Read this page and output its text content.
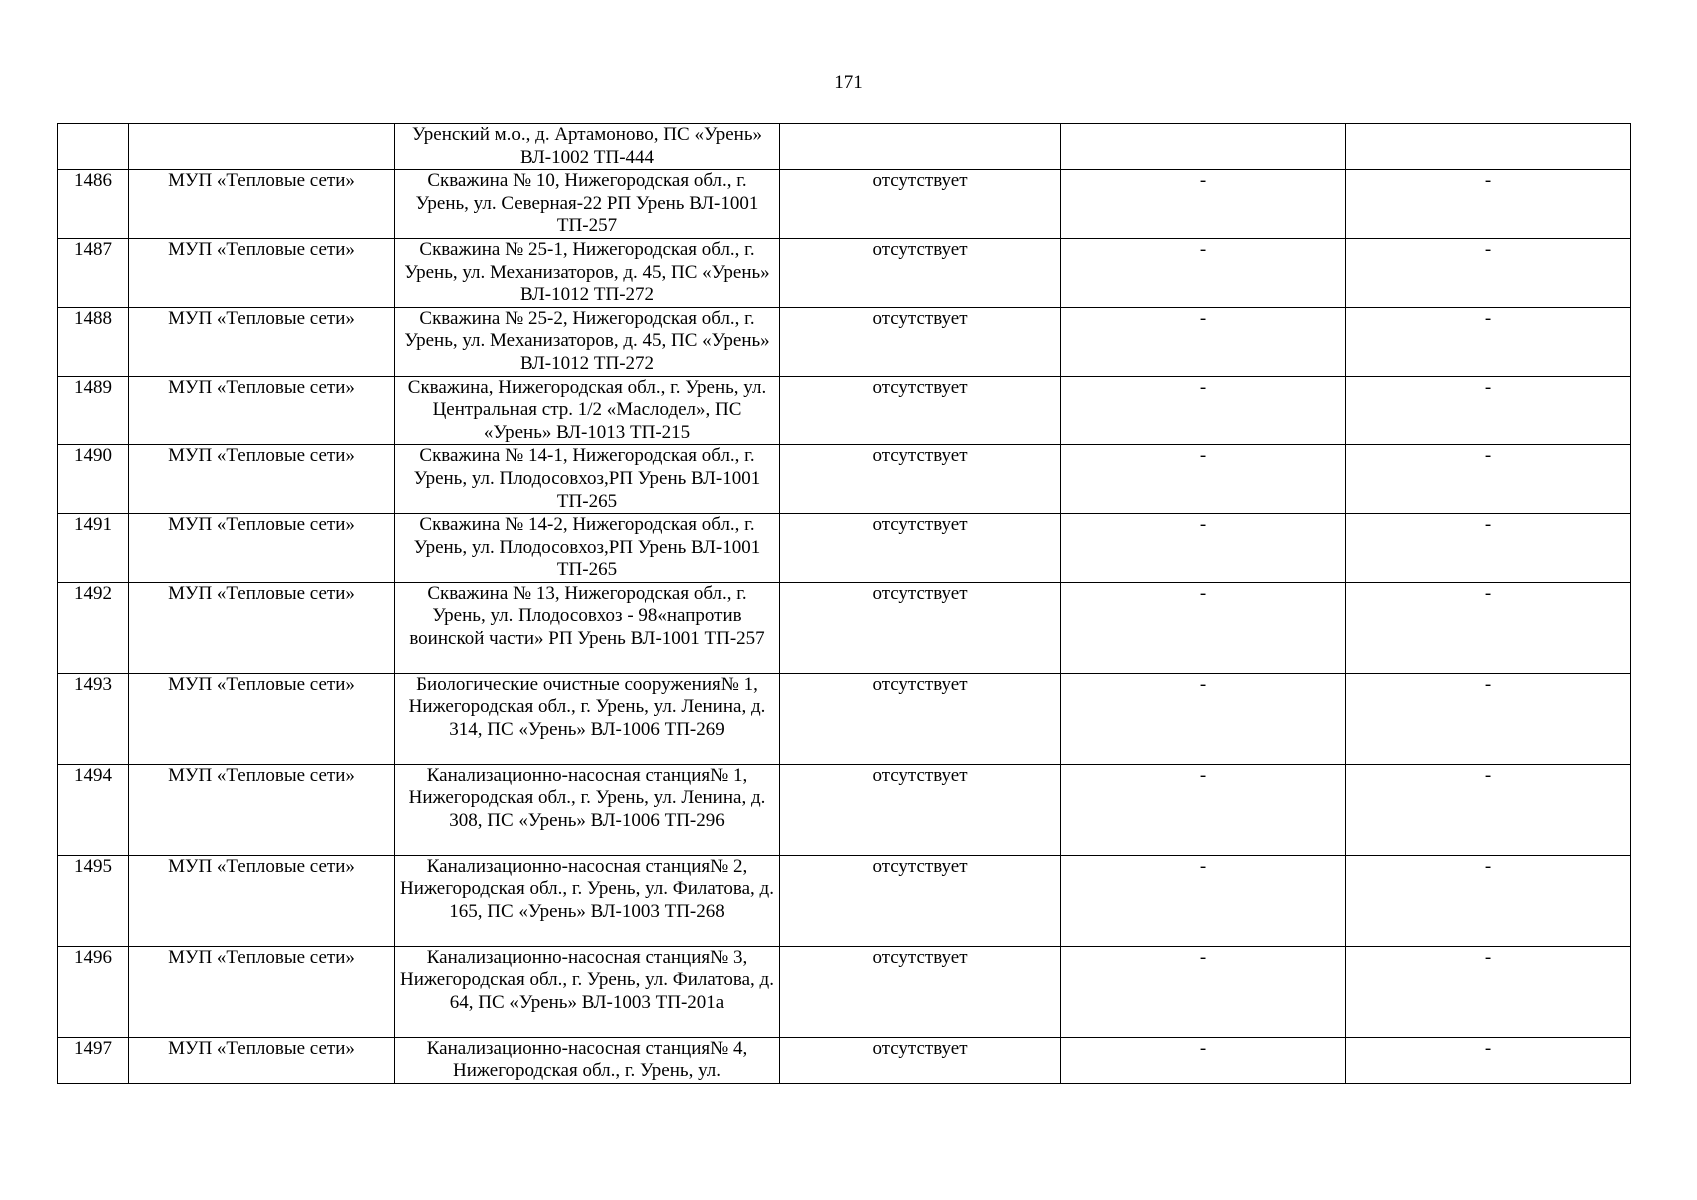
171
		Уренский м.о., д. Артамоново, ПС «Урень» ВЛ-1002 ТП-444			
1486	МУП «Тепловые сети»	Скважина № 10, Нижегородская обл., г. Урень, ул. Северная-22 РП Урень ВЛ-1001 ТП-257	отсутствует	-	-
1487	МУП «Тепловые сети»	Скважина № 25-1, Нижегородская обл., г. Урень, ул. Механизаторов, д. 45, ПС «Урень» ВЛ-1012 ТП-272	отсутствует	-	-
1488	МУП «Тепловые сети»	Скважина № 25-2, Нижегородская обл., г. Урень, ул. Механизаторов, д. 45, ПС «Урень» ВЛ-1012 ТП-272	отсутствует	-	-
1489	МУП «Тепловые сети»	Скважина, Нижегородская обл., г. Урень, ул. Центральная стр. 1/2 «Маслодел», ПС «Урень» ВЛ-1013 ТП-215	отсутствует	-	-
1490	МУП «Тепловые сети»	Скважина № 14-1, Нижегородская обл., г. Урень, ул. Плодосовхоз,РП Урень ВЛ-1001 ТП-265	отсутствует	-	-
1491	МУП «Тепловые сети»	Скважина № 14-2, Нижегородская обл., г. Урень, ул. Плодосовхоз,РП Урень ВЛ-1001 ТП-265	отсутствует	-	-
1492	МУП «Тепловые сети»	Скважина № 13, Нижегородская обл., г. Урень, ул. Плодосовхоз - 98«напротив воинской части» РП Урень ВЛ-1001 ТП-257	отсутствует	-	-
1493	МУП «Тепловые сети»	Биологические очистные сооружения№ 1, Нижегородская обл., г. Урень, ул. Ленина, д. 314, ПС «Урень» ВЛ-1006 ТП-269	отсутствует	-	-
1494	МУП «Тепловые сети»	Канализационно-насосная станция№ 1, Нижегородская обл., г. Урень, ул. Ленина, д. 308, ПС «Урень» ВЛ-1006 ТП-296	отсутствует	-	-
1495	МУП «Тепловые сети»	Канализационно-насосная станция№ 2, Нижегородская обл., г. Урень, ул. Филатова, д. 165, ПС «Урень» ВЛ-1003 ТП-268	отсутствует	-	-
1496	МУП «Тепловые сети»	Канализационно-насосная станция№ 3, Нижегородская обл., г. Урень, ул. Филатова, д. 64, ПС «Урень» ВЛ-1003 ТП-201а	отсутствует	-	-
1497	МУП «Тепловые сети»	Канализационно-насосная станция№ 4, Нижегородская обл., г. Урень, ул.	отсутствует	-	-
